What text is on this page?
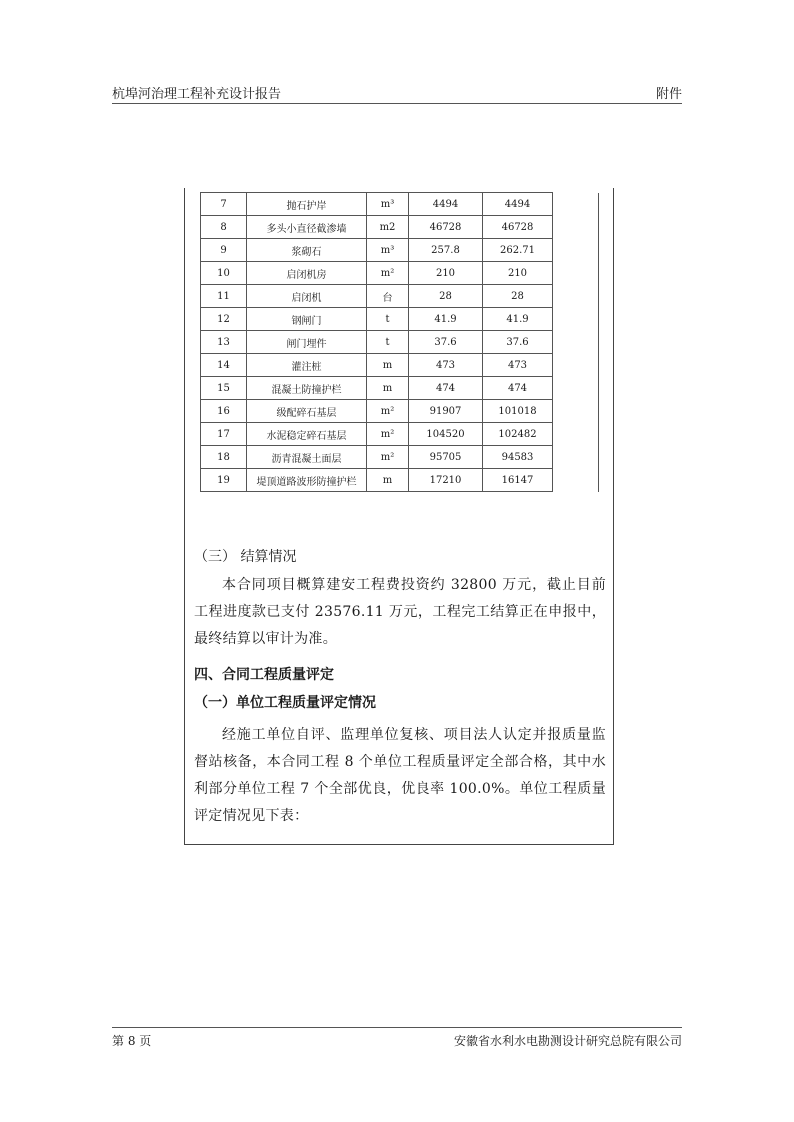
杭埠河治理工程补充设计报告	附件
7	抛石护岸	m³	4494	4494	
8	多头小直径截渗墙	m2	46728	46728	
9	浆砌石	m³	257.8	262.71	
10	启闭机房	m²	210	210	
11	启闭机	台	28	28	
12	钢闸门	t	41.9	41.9	
13	闸门埋件	t	37.6	37.6	
14	灌注桩	m	473	473	
15	混凝土防撞护栏	m	474	474	
16	级配碎石基层	m²	91907	101018	
17	水泥稳定碎石基层	m²	104520	102482	
18	沥青混凝土面层	m²	95705	94583	
19	堤顶道路波形防撞护栏	m	17210	16147	
（三） 结算情况
本合同项目概算建安工程费投资约 32800 万元，截止目前工程进度款已支付 23576.11 万元，工程完工结算正在申报中，最终结算以审计为准。
四、合同工程质量评定
（一）单位工程质量评定情况
经施工单位自评、监理单位复核、项目法人认定并报质量监督站核备，本合同工程 8 个单位工程质量评定全部合格，其中水利部分单位工程 7 个全部优良，优良率 100.0%。单位工程质量评定情况见下表：
第 8 页	安徽省水利水电勘测设计研究总院有限公司
